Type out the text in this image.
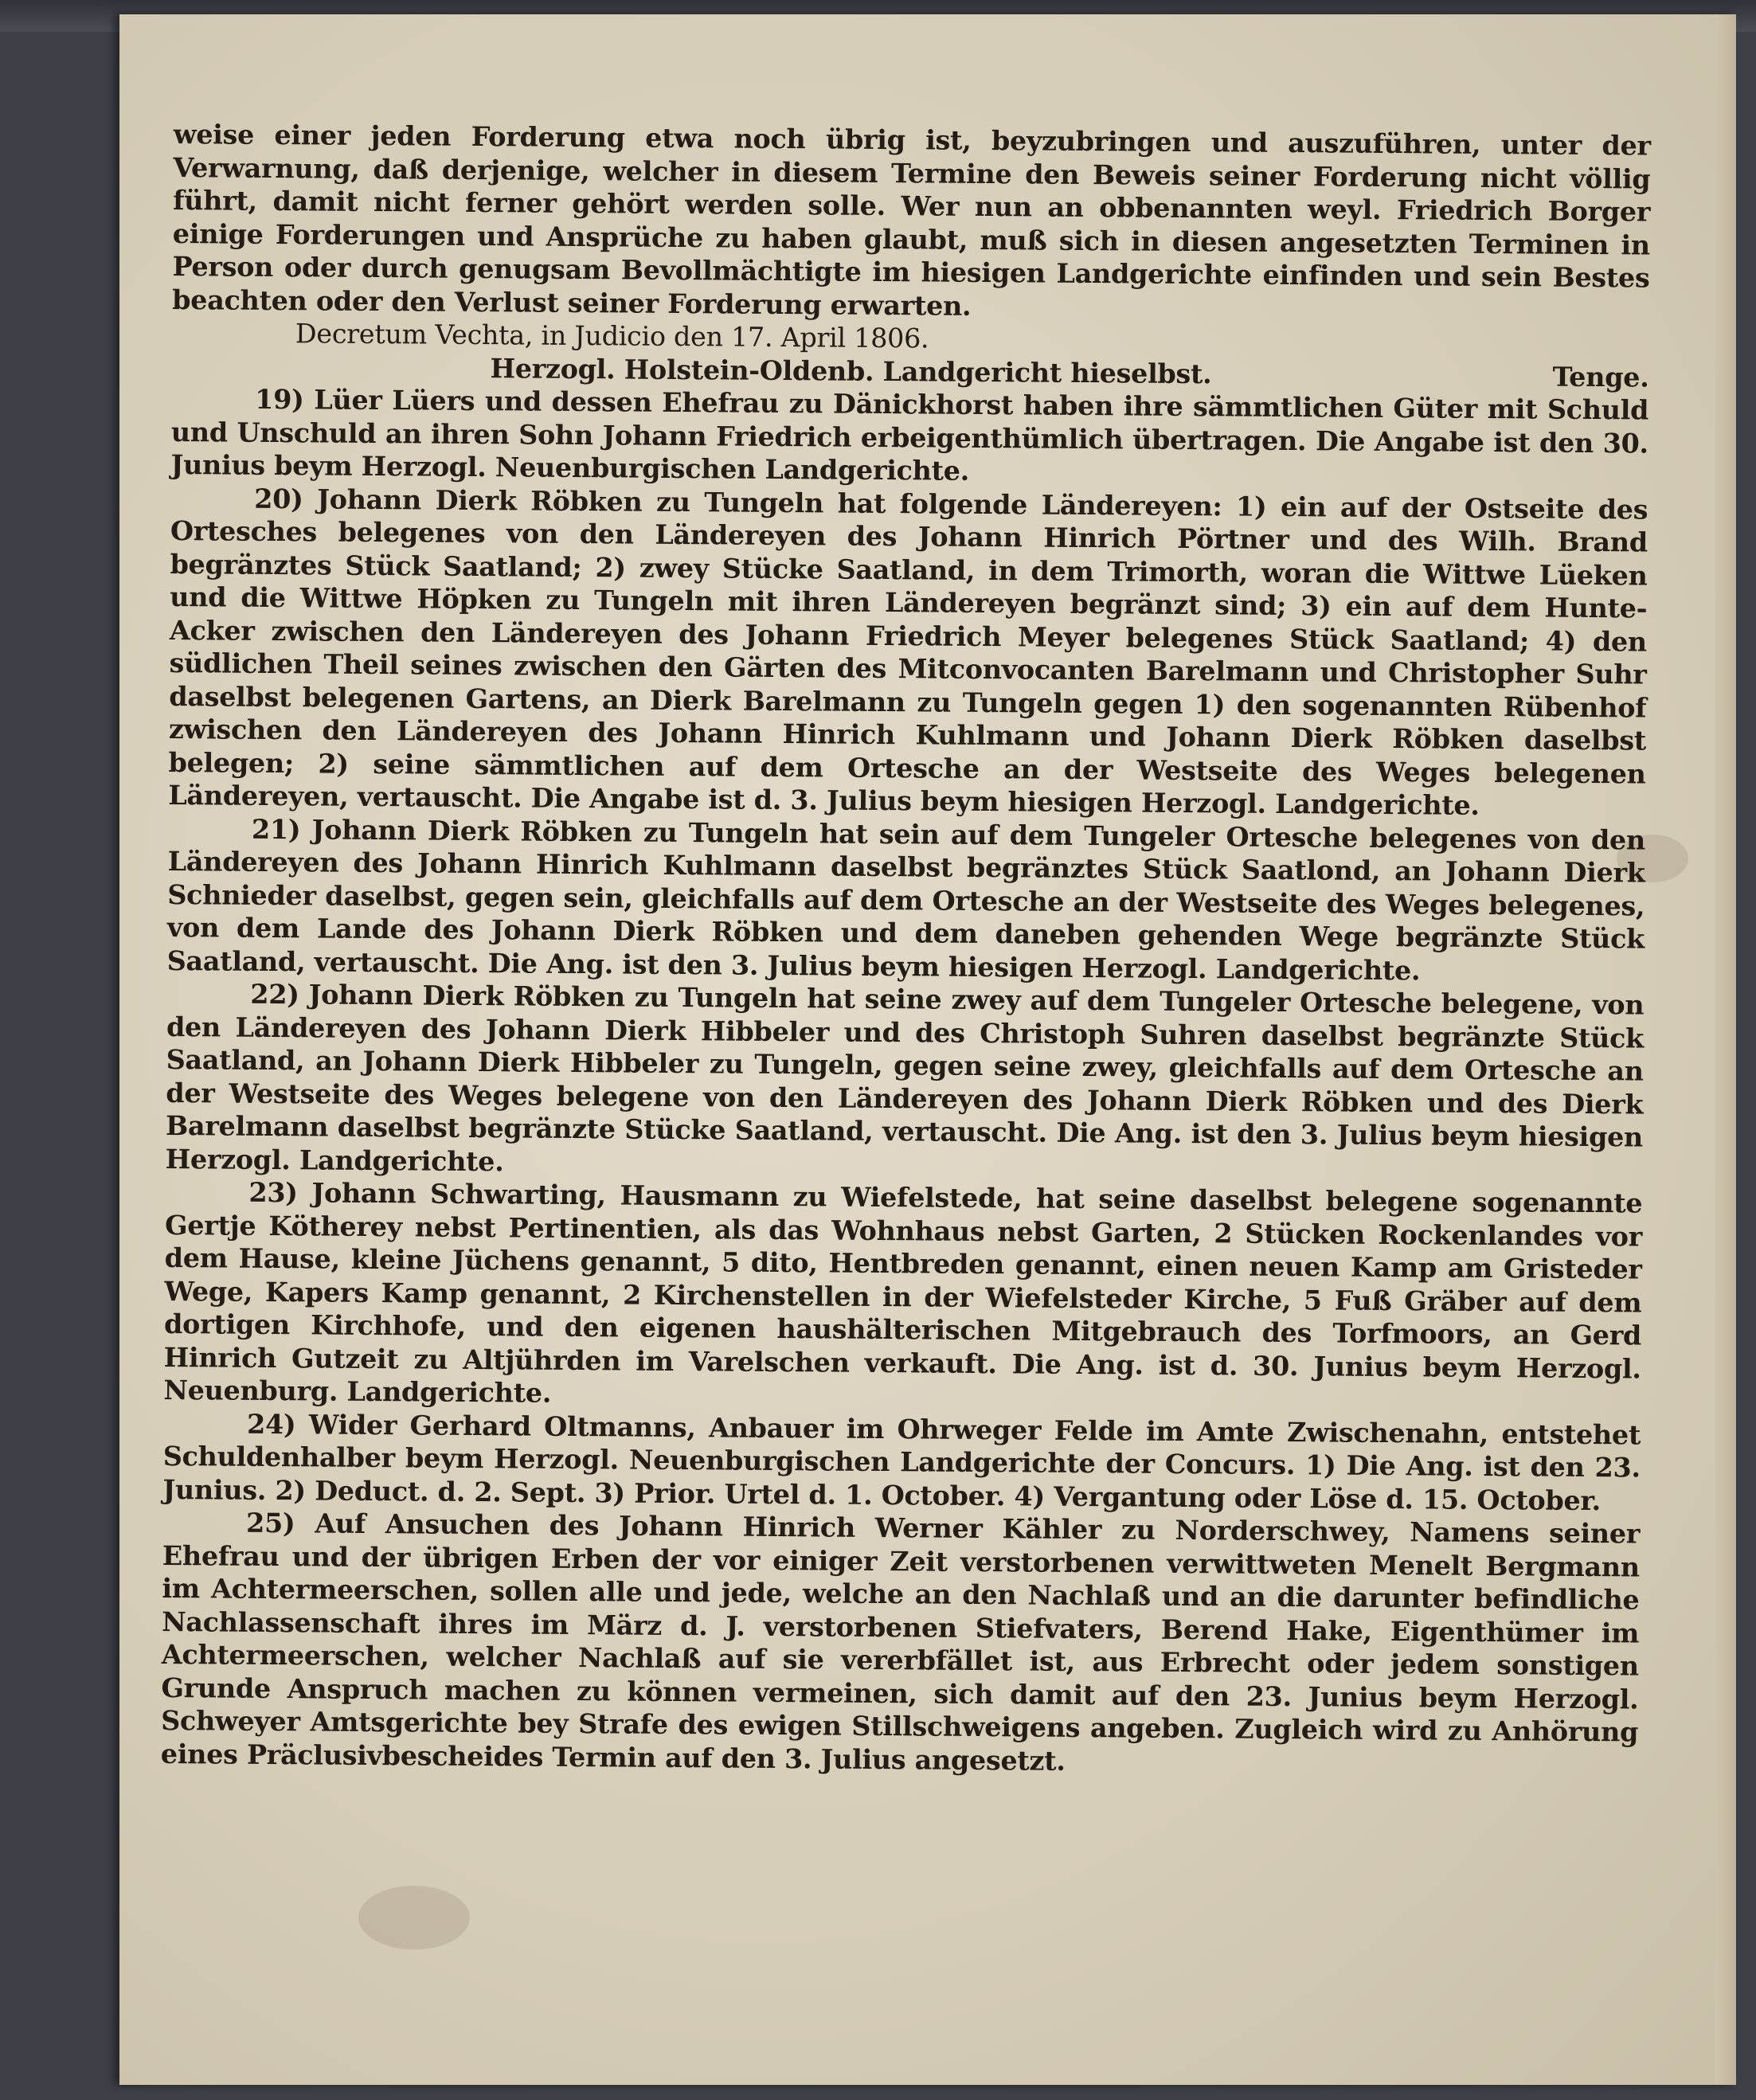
weise einer jeden Forderung etwa noch übrig ist, beyzubringen und auszuführen, unter der Verwarnung, daß derjenige, welcher in diesem Termine den Beweis seiner Forderung nicht völlig führt, damit nicht ferner gehört werden solle. Wer nun an obbenannten weyl. Friedrich Borger einige Forderungen und Ansprüche zu haben glaubt, muß sich in diesen angesetzten Terminen in Person oder durch genugsam Bevollmächtigte im hiesigen Landgerichte einfinden und sein Bestes beachten oder den Verlust seiner Forderung erwarten.

Decretum Vechta, in Judicio den 17. April 1806.

Herzogl. Holstein-Oldenb. Landgericht hieselbst.	Tenge.

19) Lüer Lüers und dessen Ehefrau zu Dänickhorst haben ihre sämmtlichen Güter mit Schuld und Unschuld an ihren Sohn Johann Friedrich erbeigenthümlich übertragen. Die Angabe ist den 30. Junius beym Herzogl. Neuenburgischen Landgerichte.

20) Johann Dierk Röbken zu Tungeln hat folgende Ländereyen: 1) ein auf der Ostseite des Ortesches belegenes von den Ländereyen des Johann Hinrich Pörtner und des Wilh. Brand begränztes Stück Saatland; 2) zwey Stücke Saatland, in dem Trimorth, woran die Wittwe Lüeken und die Wittwe Höpken zu Tungeln mit ihren Ländereyen begränzt sind; 3) ein auf dem Hunte-Acker zwischen den Ländereyen des Johann Friedrich Meyer belegenes Stück Saatland; 4) den südlichen Theil seines zwischen den Gärten des Mitconvocanten Barelmann und Christopher Suhr daselbst belegenen Gartens, an Dierk Barelmann zu Tungeln gegen 1) den sogenannten Rübenhof zwischen den Ländereyen des Johann Hinrich Kuhlmann und Johann Dierk Röbken daselbst belegen; 2) seine sämmtlichen auf dem Ortesche an der Westseite des Weges belegenen Ländereyen, vertauscht. Die Angabe ist d. 3. Julius beym hiesigen Herzogl. Landgerichte.

21) Johann Dierk Röbken zu Tungeln hat sein auf dem Tungeler Ortesche belegenes von den Ländereyen des Johann Hinrich Kuhlmann daselbst begränztes Stück Saatlond, an Johann Dierk Schnieder daselbst, gegen sein, gleichfalls auf dem Ortesche an der Westseite des Weges belegenes, von dem Lande des Johann Dierk Röbken und dem daneben gehenden Wege begränzte Stück Saatland, vertauscht. Die Ang. ist den 3. Julius beym hiesigen Herzogl. Landgerichte.

22) Johann Dierk Röbken zu Tungeln hat seine zwey auf dem Tungeler Ortesche belegene, von den Ländereyen des Johann Dierk Hibbeler und des Christoph Suhren daselbst begränzte Stück Saatland, an Johann Dierk Hibbeler zu Tungeln, gegen seine zwey, gleichfalls auf dem Ortesche an der Westseite des Weges belegene von den Ländereyen des Johann Dierk Röbken und des Dierk Barelmann daselbst begränzte Stücke Saatland, vertauscht. Die Ang. ist den 3. Julius beym hiesigen Herzogl. Landgerichte.

23) Johann Schwarting, Hausmann zu Wiefelstede, hat seine daselbst belegene sogenannte Gertje Kötherey nebst Pertinentien, als das Wohnhaus nebst Garten, 2 Stücken Rockenlandes vor dem Hause, kleine Jüchens genannt, 5 dito, Hentbreden genannt, einen neuen Kamp am Gristeder Wege, Kapers Kamp genannt, 2 Kirchenstellen in der Wiefelsteder Kirche, 5 Fuß Gräber auf dem dortigen Kirchhofe, und den eigenen haushälterischen Mitgebrauch des Torfmoors, an Gerd Hinrich Gutzeit zu Altjührden im Varelschen verkauft. Die Ang. ist d. 30. Junius beym Herzogl. Neuenburg. Landgerichte.

24) Wider Gerhard Oltmanns, Anbauer im Ohrweger Felde im Amte Zwischenahn, entstehet Schuldenhalber beym Herzogl. Neuenburgischen Landgerichte der Concurs. 1) Die Ang. ist den 23. Junius. 2) Deduct. d. 2. Sept. 3) Prior. Urtel d. 1. October. 4) Vergantung oder Löse d. 15. October.

25) Auf Ansuchen des Johann Hinrich Werner Kähler zu Norderschwey, Namens seiner Ehefrau und der übrigen Erben der vor einiger Zeit verstorbenen verwittweten Menelt Bergmann im Achtermeerschen, sollen alle und jede, welche an den Nachlaß und an die darunter befindliche Nachlassenschaft ihres im März d. J. verstorbenen Stiefvaters, Berend Hake, Eigenthümer im Achtermeerschen, welcher Nachlaß auf sie vererbfället ist, aus Erbrecht oder jedem sonstigen Grunde Anspruch machen zu können vermeinen, sich damit auf den 23. Junius beym Herzogl. Schweyer Amtsgerichte bey Strafe des ewigen Stillschweigens angeben. Zugleich wird zu Anhörung eines Präclusivbescheides Termin auf den 3. Julius angesetzt.
